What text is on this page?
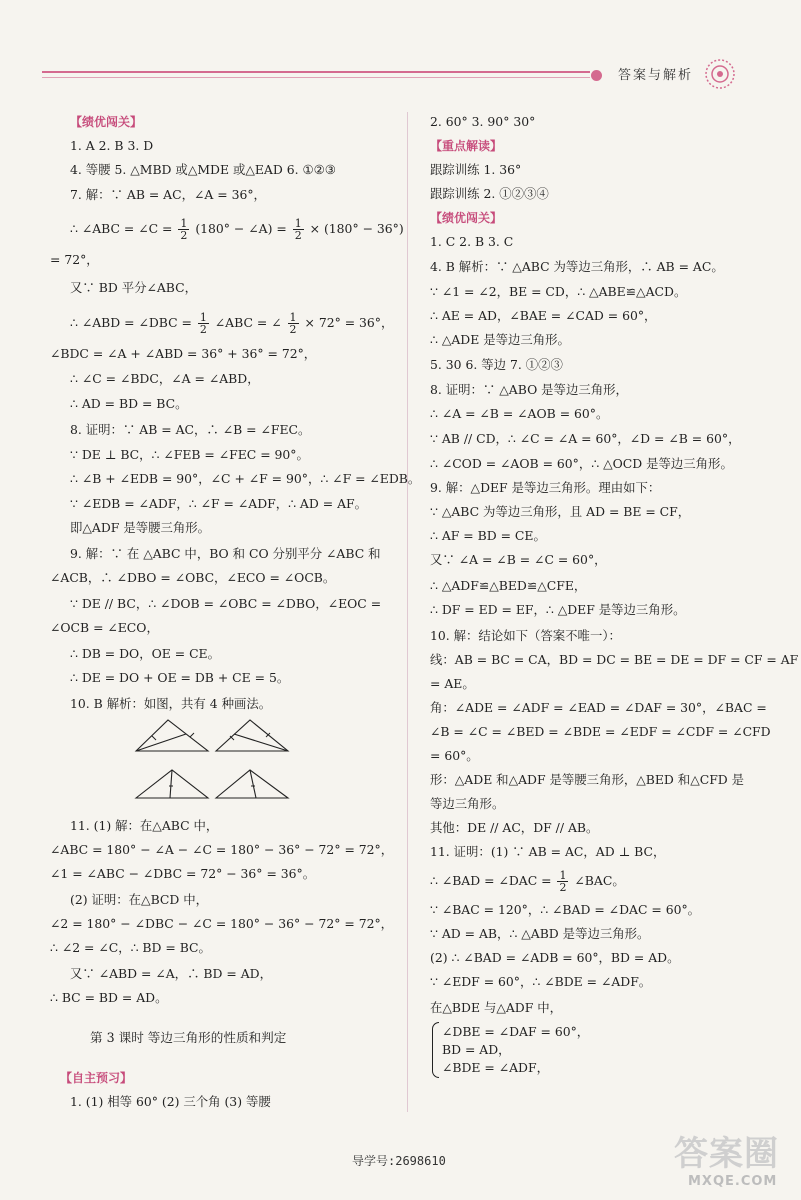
答案与解析
【绩优闯关】
1. A 2. B 3. D
4. 等腰 5. △MBD 或△MDE 或△EAD 6. ①②③
7. 解：∵ AB = AC，∠A = 36°，
∴ ∠ABC = ∠C = $\frac{1}{2} (180^\circ$ − ∠A) = $\frac{1}{2} \times (180^\circ - 36^\circ)$
= 72°，
又∵ BD 平分∠ABC，
∴ ∠ABD = ∠DBC = $\frac{1}{2}$ ∠ABC = ∠ $\frac{1}{2} \times 72^\circ = 36^\circ$，
∠BDC = ∠A + ∠ABD = 36° + 36° = 72°，
∴ ∠C = ∠BDC，∠A = ∠ABD，
∴ AD = BD = BC。
8. 证明：∵ AB = AC，∴ ∠B = ∠FEC。
∵ DE ⊥ BC，∴ ∠FEB = ∠FEC = 90°。
∴ ∠B + ∠EDB = 90°，∠C + ∠F = 90°，∴ ∠F = ∠EDB。
∵ ∠EDB = ∠ADF，∴ ∠F = ∠ADF，∴ AD = AF。
即△ADF 是等腰三角形。
9. 解：∵ 在 △ABC 中，BO 和 CO 分别平分 ∠ABC 和
∠ACB，∴ ∠DBO = ∠OBC，∠ECO = ∠OCB。
∵ DE // BC，∴ ∠DOB = ∠OBC = ∠DBO，∠EOC =
∠OCB = ∠ECO，
∴ DB = DO，OE = CE。
∴ DE = DO + OE = DB + CE = 5。
10. B 解析：如图，共有 4 种画法。
11. (1) 解：在△ABC 中，
∠ABC = 180° − ∠A − ∠C = 180° − 36° − 72° = 72°，
∠1 = ∠ABC − ∠DBC = 72° − 36° = 36°。
(2) 证明：在△BCD 中，
∠2 = 180° − ∠DBC − ∠C = 180° − 36° − 72° = 72°，
∴ ∠2 = ∠C，∴ BD = BC。
又∵ ∠ABD = ∠A，∴ BD = AD，
∴ BC = BD = AD。
第 3 课时 等边三角形的性质和判定
【自主预习】
1. (1) 相等 60° (2) 三个角 (3) 等腰
2. 60° 3. 90° 30°
【重点解读】
跟踪训练 1. 36°
跟踪训练 2. ①②③④
【绩优闯关】
1. C 2. B 3. C
4. B 解析：∵ △ABC 为等边三角形，∴ AB = AC。
∵ ∠1 = ∠2，BE = CD，∴ △ABE≌△ACD。
∴ AE = AD，∠BAE = ∠CAD = 60°，
∴ △ADE 是等边三角形。
5. 30 6. 等边 7. ①②③
8. 证明：∵ △ABO 是等边三角形，
∴ ∠A = ∠B = ∠AOB = 60°。
∵ AB // CD，∴ ∠C = ∠A = 60°，∠D = ∠B = 60°，
∴ ∠COD = ∠AOB = 60°，∴ △OCD 是等边三角形。
9. 解：△DEF 是等边三角形。理由如下：
∵ △ABC 为等边三角形，且 AD = BE = CF，
∴ AF = BD = CE。
又∵ ∠A = ∠B = ∠C = 60°，
∴ △ADF≌△BED≌△CFE，
∴ DF = ED = EF，∴ △DEF 是等边三角形。
10. 解：结论如下（答案不唯一）：
线：AB = BC = CA，BD = DC = BE = DE = DF = CF = AF
= AE。
角：∠ADE = ∠ADF = ∠EAD = ∠DAF = 30°，∠BAC =
∠B = ∠C = ∠BED = ∠BDE = ∠EDF = ∠CDF = ∠CFD
= 60°。
形：△ADE 和△ADF 是等腰三角形，△BED 和△CFD 是
等边三角形。
其他：DE // AC，DF // AB。
11. 证明：(1) ∵ AB = AC，AD ⊥ BC，
∴ ∠BAD = ∠DAC = $\frac{1}{2}$ ∠BAC。
∵ ∠BAC = 120°，∴ ∠BAD = ∠DAC = 60°。
∵ AD = AB，∴ △ABD 是等边三角形。
(2) ∴ ∠BAD = ∠ADB = 60°，BD = AD。
∵ ∠EDF = 60°，∴ ∠BDE = ∠ADF。
在△BDE 与△ADF 中，
∠DBE = ∠DAF = 60°，
BD = AD，
∠BDE = ∠ADF，
导学号:2698610	答案圈
MXQE.COM
